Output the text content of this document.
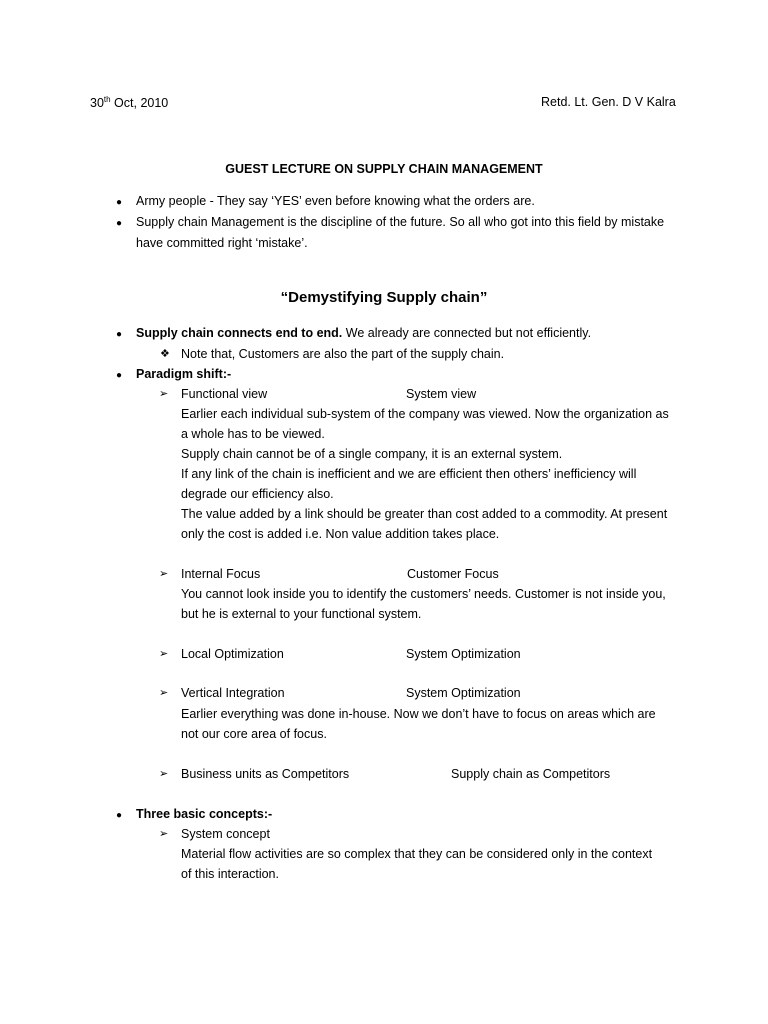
30th Oct, 2010	Retd. Lt. Gen. D V Kalra
GUEST LECTURE ON SUPPLY CHAIN MANAGEMENT
● Army people - They say ‘YES’ even before knowing what the orders are.
● Supply chain Management is the discipline of the future. So all who got into this field by mistake
have committed right ‘mistake’.
“Demystifying Supply chain”
● Supply chain connects end to end. We already are connected but not efficiently.
❖ Note that, Customers are also the part of the supply chain.
● Paradigm shift:-
➢ Functional view	System view
Earlier each individual sub-system of the company was viewed. Now the organization as
a whole has to be viewed.
Supply chain cannot be of a single company, it is an external system.
If any link of the chain is inefficient and we are efficient then others’ inefficiency will
degrade our efficiency also.
The value added by a link should be greater than cost added to a commodity. At present
only the cost is added i.e. Non value addition takes place.
➢ Internal Focus	Customer Focus
You cannot look inside you to identify the customers’ needs. Customer is not inside you,
but he is external to your functional system.
➢ Local Optimization	System Optimization
➢ Vertical Integration	System Optimization
Earlier everything was done in-house. Now we don’t have to focus on areas which are
not our core area of focus.
➢ Business units as Competitors	Supply chain as Competitors
● Three basic concepts:-
➢ System concept
Material flow activities are so complex that they can be considered only in the context
of this interaction.
